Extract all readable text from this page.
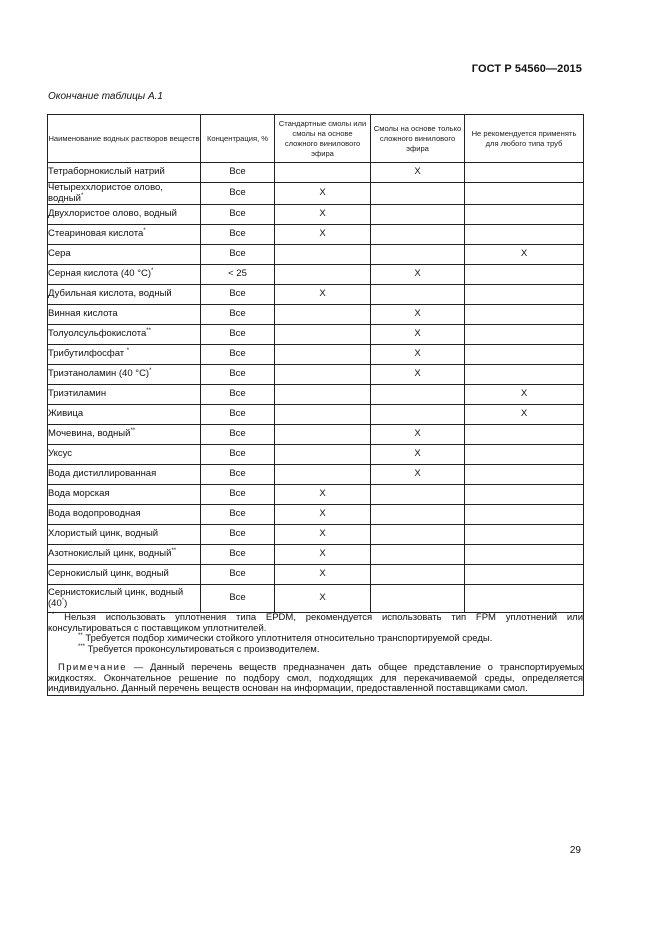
ГОСТ Р 54560—2015
Окончание таблицы А.1
Наименование водных растворов веществ	Концентрация, %	Стандартные смолы или смолы на основе сложного винилового эфира	Смолы на основе только сложного винилового эфира	Не рекомендуется применять для любого типа труб
Тетраборнокислый натрий	Все		X	
Четыреххлористое олово, водный*	Все	X		
Двухлористое олово, водный	Все	X		
Стеариновая кислота*	Все	X		
Сера	Все			X
Серная кислота (40 °С)*	< 25		X	
Дубильная кислота, водный	Все	X		
Винная кислота	Все		X	
Толуолсульфокислота**	Все		X	
Трибутилфосфат *	Все		X	
Триэтаноламин (40 °С)*	Все		X	
Триэтиламин	Все			X
Живица	Все			X
Мочевина, водный**	Все		X	
Уксус	Все		X	
Вода дистиллированная	Все		X	
Вода морская	Все	X		
Вода водопроводная	Все	X		
Хлористый цинк, водный	Все	X		
Азотнокислый цинк, водный**	Все	X		
Сернокислый цинк, водный	Все	X		
Сернистокислый цинк, водный (40°)	Все	X		

* Нельзя использовать уплотнения типа EPDM, рекомендуется использовать тип FPM уплотнений или консультироваться с поставщиком уплотнителей.
** Требуется подбор химически стойкого уплотнителя относительно транспортируемой среды.
*** Требуется проконсультироваться с производителем.
Примечание — Данный перечень веществ предназначен дать общее представление о транспортируемых жидкостях. Окончательное решение по подбору смол, подходящих для перекачиваемой среды, определяется индивидуально. Данный перечень веществ основан на информации, предоставленной поставщиками смол.				
29
